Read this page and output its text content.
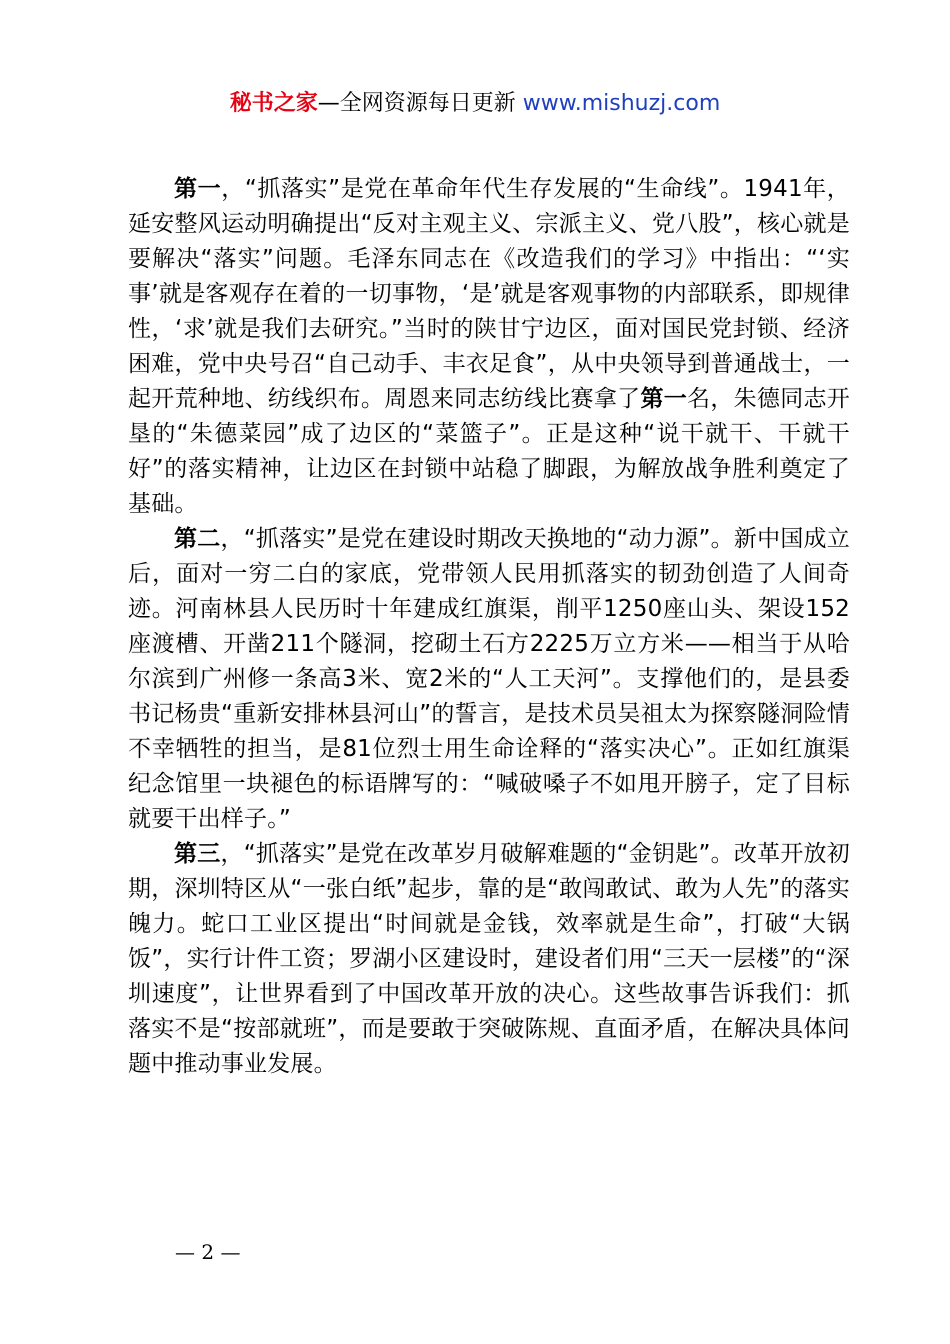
秘书之家—全网资源每日更新 www.mishuzj.com

第一，“抓落实”是党在革命年代生存发展的“生命线”。1941年，延安整风运动明确提出“反对主观主义、宗派主义、党八股”，核心就是要解决“落实”问题。毛泽东同志在《改造我们的学习》中指出：“‘实事’就是客观存在着的一切事物，‘是’就是客观事物的内部联系，即规律性，‘求’就是我们去研究。”当时的陕甘宁边区，面对国民党封锁、经济困难，党中央号召“自己动手、丰衣足食”，从中央领导到普通战士，一起开荒种地、纺线织布。周恩来同志纺线比赛拿了第一名，朱德同志开垦的“朱德菜园”成了边区的“菜篮子”。正是这种“说干就干、干就干好”的落实精神，让边区在封锁中站稳了脚跟，为解放战争胜利奠定了基础。

第二，“抓落实”是党在建设时期改天换地的“动力源”。新中国成立后，面对一穷二白的家底，党带领人民用抓落实的韧劲创造了人间奇迹。河南林县人民历时十年建成红旗渠，削平1250座山头、架设152座渡槽、开凿211个隧洞，挖砌土石方2225万立方米——相当于从哈尔滨到广州修一条高3米、宽2米的“人工天河”。支撑他们的，是县委书记杨贵“重新安排林县河山”的誓言，是技术员吴祖太为探察隧洞险情不幸牺牲的担当，是81位烈士用生命诠释的“落实决心”。正如红旗渠纪念馆里一块褪色的标语牌写的：“喊破嗓子不如甩开膀子，定了目标就要干出样子。”

第三，“抓落实”是党在改革岁月破解难题的“金钥匙”。改革开放初期，深圳特区从“一张白纸”起步，靠的是“敢闯敢试、敢为人先”的落实魄力。蛇口工业区提出“时间就是金钱，效率就是生命”，打破“大锅饭”，实行计件工资；罗湖小区建设时，建设者们用“三天一层楼”的“深圳速度”，让世界看到了中国改革开放的决心。这些故事告诉我们：抓落实不是“按部就班”，而是要敢于突破陈规、直面矛盾，在解决具体问题中推动事业发展。

— 2 —
